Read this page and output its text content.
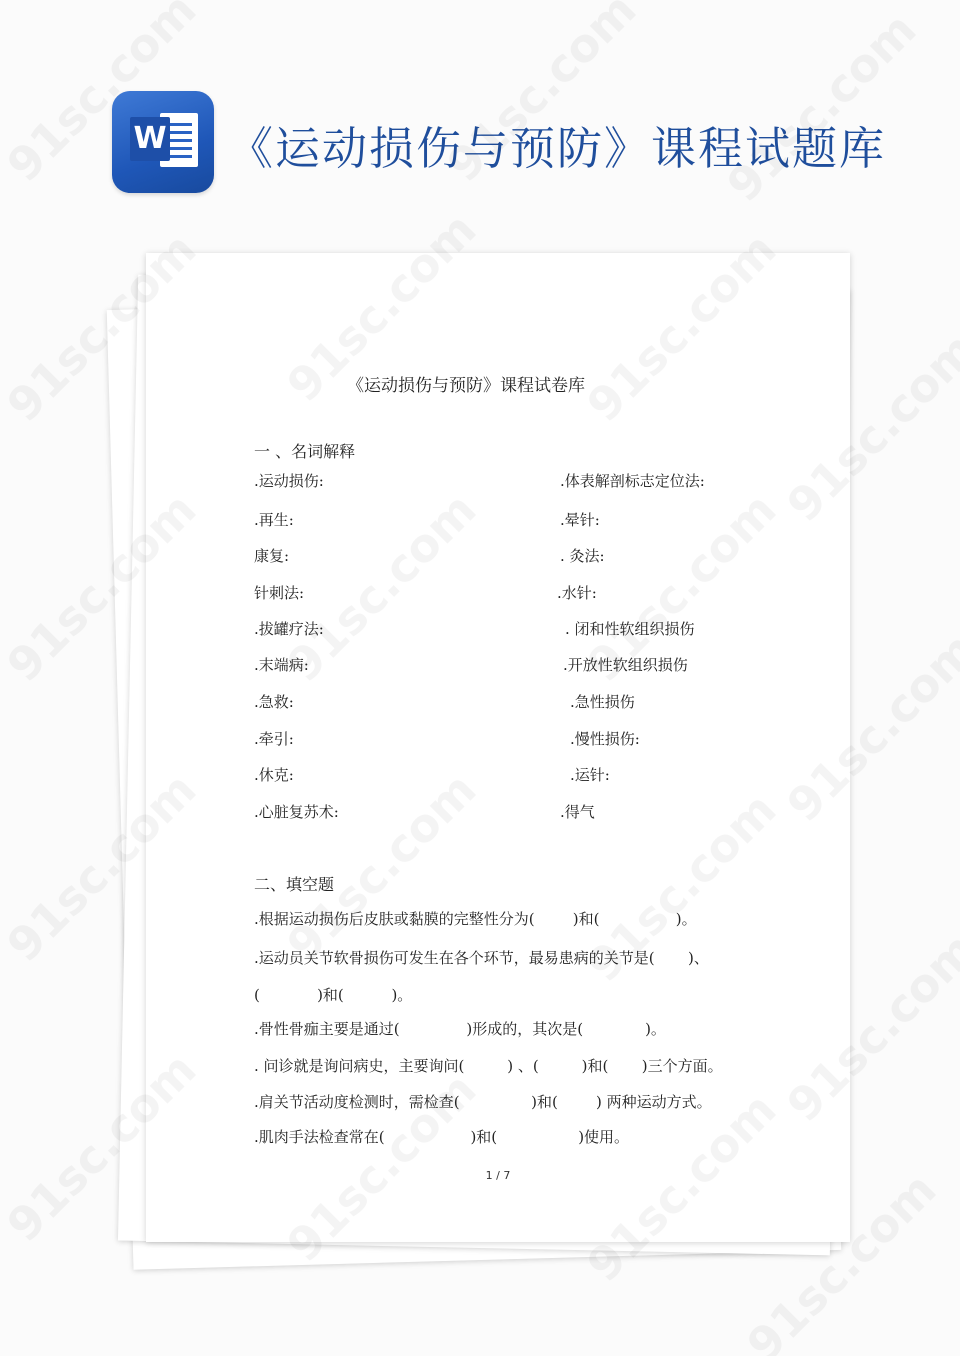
W 《运动损伤与预防》课程试题库
《运动损伤与预防》课程试卷库
一 、名词解释
.运动损伤:
.再生:
康复:
针刺法:
.拔罐疗法:
.末端病:
.急救:
.牵引:
.休克:
.心脏复苏术:
.体表解剖标志定位法:
.晕针:
. 灸法:
.水针:
. 闭和性软组织损伤
.开放性软组织损伤
.急性损伤
.慢性损伤:
.运针:
.得气
二、填空题
.根据运动损伤后皮肤或黏膜的完整性分为(        )和(                )。
.运动员关节软骨损伤可发生在各个环节，最易患病的关节是(       )、
(            )和(          )。
.骨性骨痂主要是通过(              )形成的，其次是(             )。
. 问诊就是询问病史，主要询问(         ) 、(         )和(       )三个方面。
.肩关节活动度检测时，需检查(               )和(        ) 两种运动方式。
.肌肉手法检查常在(                  )和(                 )使用。
1 / 7
